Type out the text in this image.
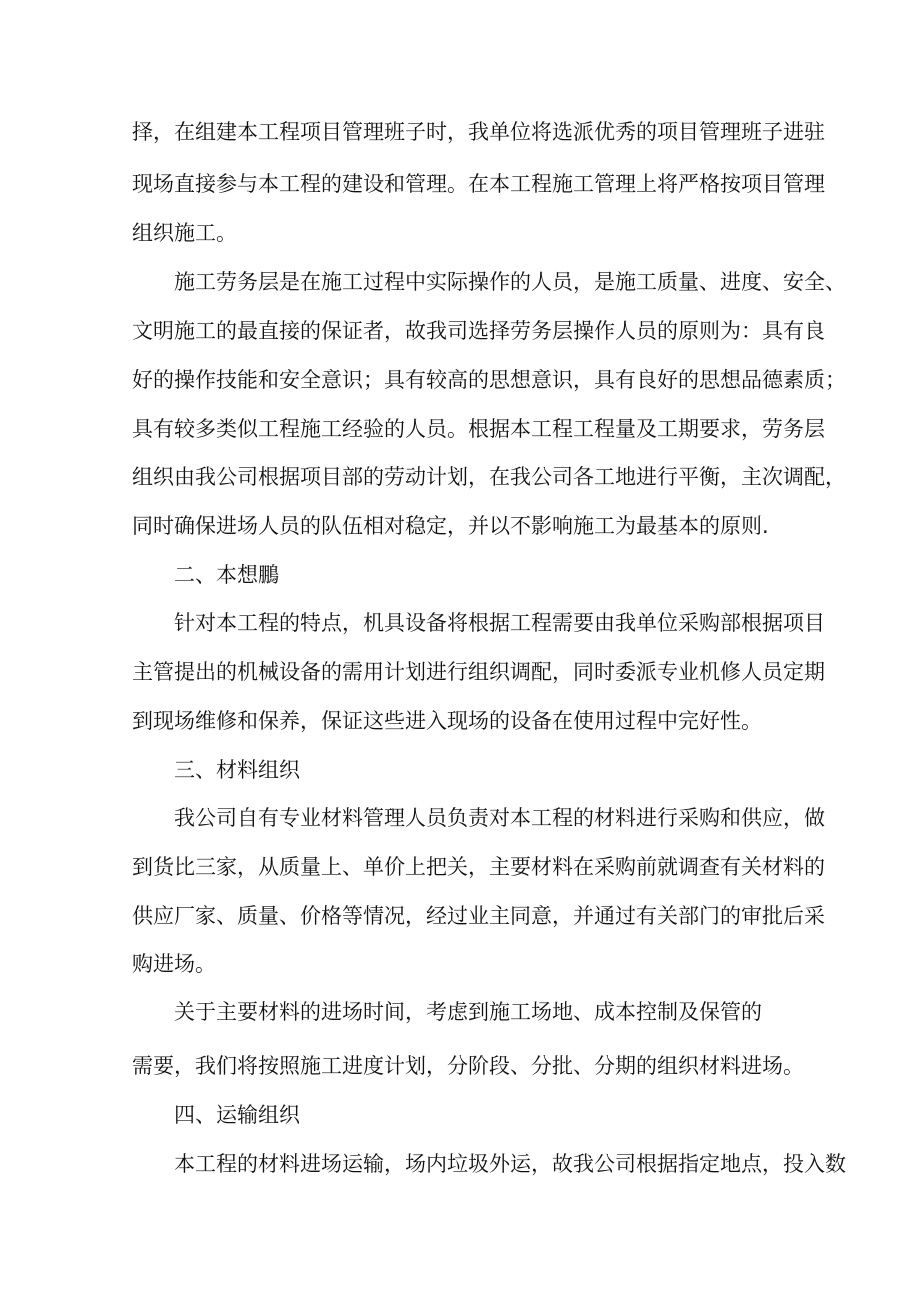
择，在组建本工程项目管理班子时，我单位将选派优秀的项目管理班子进驻
现场直接参与本工程的建设和管理。在本工程施工管理上将严格按项目管理
组织施工。
施工劳务层是在施工过程中实际操作的人员，是施工质量、进度、安全、
文明施工的最直接的保证者，故我司选择劳务层操作人员的原则为：具有良
好的操作技能和安全意识；具有较高的思想意识，具有良好的思想品德素质；
具有较多类似工程施工经验的人员。根据本工程工程量及工期要求，劳务层
组织由我公司根据项目部的劳动计划，在我公司各工地进行平衡，主次调配，
同时确保进场人员的队伍相对稳定，并以不影响施工为最基本的原则.
二、本想鵬
针对本工程的特点，机具设备将根据工程需要由我单位采购部根据项目
主管提出的机械设备的需用计划进行组织调配，同时委派专业机修人员定期
到现场维修和保养，保证这些进入现场的设备在使用过程中完好性。
三、材料组织
我公司自有专业材料管理人员负责对本工程的材料进行采购和供应，做
到货比三家，从质量上、单价上把关，主要材料在采购前就调查有关材料的
供应厂家、质量、价格等情况，经过业主同意，并通过有关部门的审批后采
购进场。
关于主要材料的进场时间，考虑到施工场地、成本控制及保管的
需要，我们将按照施工进度计划，分阶段、分批、分期的组织材料进场。
四、运输组织
本工程的材料进场运输，场内垃圾外运，故我公司根据指定地点，投入数
